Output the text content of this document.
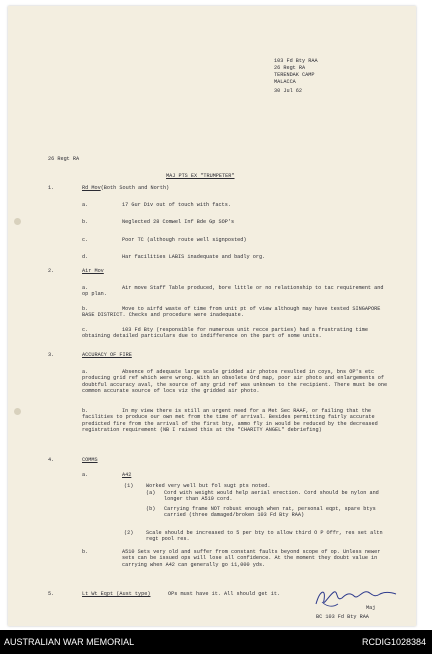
103 Fd Bty RAA
26 Regt RA
TERENDAK CAMP
MALACCA
30 Jul 62
26 Regt RA
MAJ PTS EX "TRUMPETER"
1.	Rd Mov(Both South and North)
a.	17 Gur Div out of touch with facts.
b.	Neglected 28 Comwel Inf Bde Gp SOP's
c.	Poor TC (although route well signposted)
d.	Har facilities LABIS inadequate and badly org.
2.	Air Mov
a.	Air move Staff Table produced, bore little or no relationship to tac requirement and op plan.
b.	Move to airfd waste of time from unit pt of view although may have tested SINGAPORE BASE DISTRICT. Checks and procedure were inadequate.
c.	103 Fd Bty (responsible for numerous unit recce parties) had a frustrating time obtaining detailed particulars due to indifference on the part of some units.
3.	ACCURACY OF FIRE
a.	Absence of adequate large scale gridded air photos resulted in coys, bns OP's etc producing grid ref which were wrong. With an obsolete Ord map, poor air photo and enlargements of doubtful accuracy aval, the source of any grid ref was unknown to the recipient. There must be one common accurate source of locs viz the gridded air photo.
b.	In my view there is still an urgent need for a Met Sec RAAF, or failing that the facilities to produce our own met from the time of arrival. Besides permitting fairly accurate predicted fire from the arrival of the first bty, ammo fly in would be reduced by the decreased registration requirement (NB I raised this at the "CHARITY ANGEL" debriefing)
4.	COMMS
a.	A42
(1) Worked very well but fol sugt pts noted.
(a) Cord with weight would help aerial erection. Cord should be nylon and longer than A510 cord.
(b) Carrying frame NOT robust enough when rat, personal eqpt, spare btys carried (three damaged/broken 103 Fd Bty RAA)
(2) Scale should be increased to 5 per bty to allow third O P Offr, res set altn regt pool res.
b.	A510 Sets very old and suffer from constant faults beyond scope of op. Unless newer sets can be issued ops will lose all confidence. At the moment they doubt value in carrying when A42 can generally go 11,000 yds.
5.	Lt Wt Eqpt (Aust type)	OPs must have it. All should get it.
Maj
BC 103 Fd Bty RAA
AUSTRALIAN WAR MEMORIAL	RCDIG1028384
